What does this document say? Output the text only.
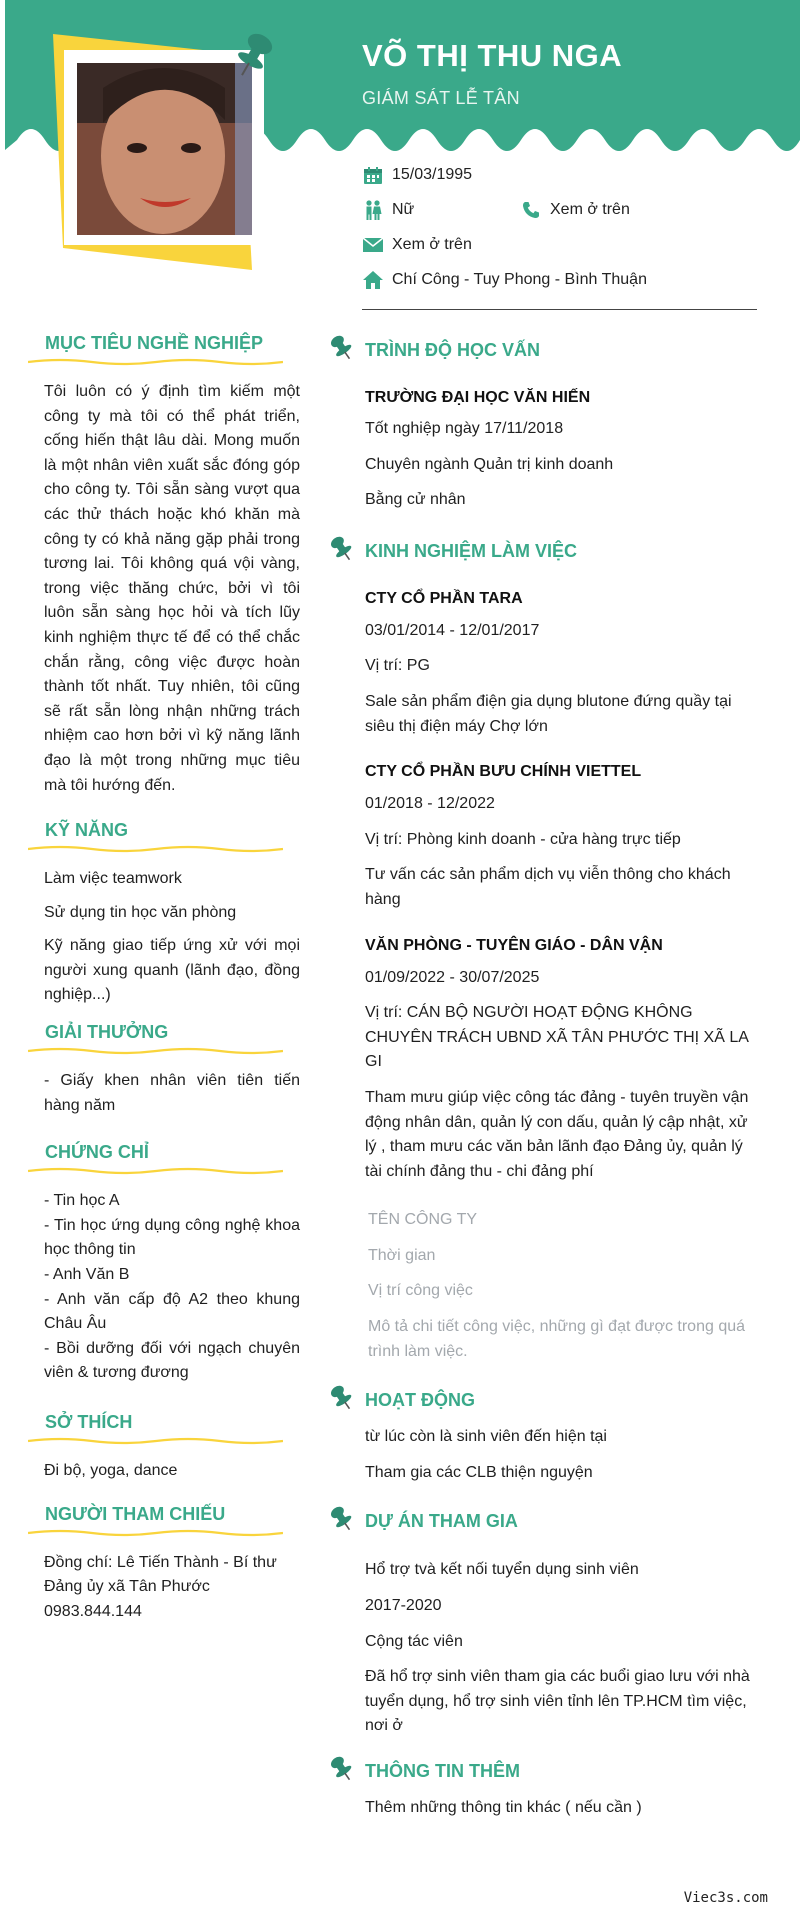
VÕ THỊ THU NGA
GIÁM SÁT LỄ TÂN
15/03/1995
Nữ	Xem ở trên
Xem ở trên
Chí Công - Tuy Phong - Bình Thuận
MỤC TIÊU NGHỀ NGHIỆP
Tôi luôn có ý định tìm kiếm một công ty mà tôi có thể phát triển, cống hiến thật lâu dài. Mong muốn là một nhân viên xuất sắc đóng góp cho công ty. Tôi sẵn sàng vượt qua các thử thách hoặc khó khăn mà công ty có khả năng gặp phải trong tương lai. Tôi không quá vội vàng, trong việc thăng chức, bởi vì tôi luôn sẵn sàng học hỏi và tích lũy kinh nghiệm thực tế để có thể chắc chắn rằng, công việc được hoàn thành tốt nhất. Tuy nhiên, tôi cũng sẽ rất sẵn lòng nhận những trách nhiệm cao hơn bởi vì kỹ năng lãnh đạo là một trong những mục tiêu mà tôi hướng đến.
KỸ NĂNG
Làm việc teamwork
Sử dụng tin học văn phòng
Kỹ năng giao tiếp ứng xử với mọi người xung quanh (lãnh đạo, đồng nghiệp...)
GIẢI THƯỞNG
- Giấy khen nhân viên tiên tiến hàng năm
CHỨNG CHỈ
- Tin học A
- Tin học ứng dụng công nghệ khoa học thông tin
- Anh Văn B
- Anh văn cấp độ A2 theo khung Châu Âu
- Bồi dưỡng đối với ngạch chuyên viên & tương đương
SỞ THÍCH
Đi bộ, yoga, dance
NGƯỜI THAM CHIẾU
Đồng chí: Lê Tiến Thành - Bí thư Đảng ủy xã Tân Phước
0983.844.144
TRÌNH ĐỘ HỌC VẤN
TRƯỜNG ĐẠI HỌC VĂN HIẾN
Tốt nghiệp ngày 17/11/2018
Chuyên ngành Quản trị kinh doanh
Bằng cử nhân
KINH NGHIỆM LÀM VIỆC
CTY CỔ PHẦN TARA
03/01/2014 - 12/01/2017
Vị trí: PG
Sale sản phẩm điện gia dụng blutone đứng quầy tại siêu thị điện máy Chợ lớn
CTY CỔ PHẦN BƯU CHÍNH VIETTEL
01/2018 - 12/2022
Vị trí: Phòng kinh doanh - cửa hàng trực tiếp
Tư vấn các sản phẩm dịch vụ viễn thông cho khách hàng
VĂN PHÒNG - TUYÊN GIÁO - DÂN VẬN
01/09/2022 - 30/07/2025
Vị trí: CÁN BỘ NGƯỜI HOẠT ĐỘNG KHÔNG CHUYÊN TRÁCH UBND XÃ TÂN PHƯỚC THỊ XÃ LA GI
Tham mưu giúp việc công tác đảng - tuyên truyền vận động nhân dân, quản lý con dấu, quản lý cập nhật, xử lý , tham mưu các văn bản lãnh đạo Đảng ủy, quản lý tài chính đảng thu - chi đảng phí
TÊN CÔNG TY
Thời gian
Vị trí công việc
Mô tả chi tiết công việc, những gì đạt được trong quá trình làm việc.
HOẠT ĐỘNG
từ lúc còn là sinh viên đến hiện tại
Tham gia các CLB thiện nguyện
DỰ ÁN THAM GIA
Hổ trợ tvà kết nối tuyển dụng sinh viên
2017-2020
Cộng tác viên
Đã hổ trợ sinh viên tham gia các buổi giao lưu với nhà tuyển dụng, hổ trợ sinh viên tỉnh lên TP.HCM tìm việc, nơi ở
THÔNG TIN THÊM
Thêm những thông tin khác ( nếu cần )
Viec3s.com
